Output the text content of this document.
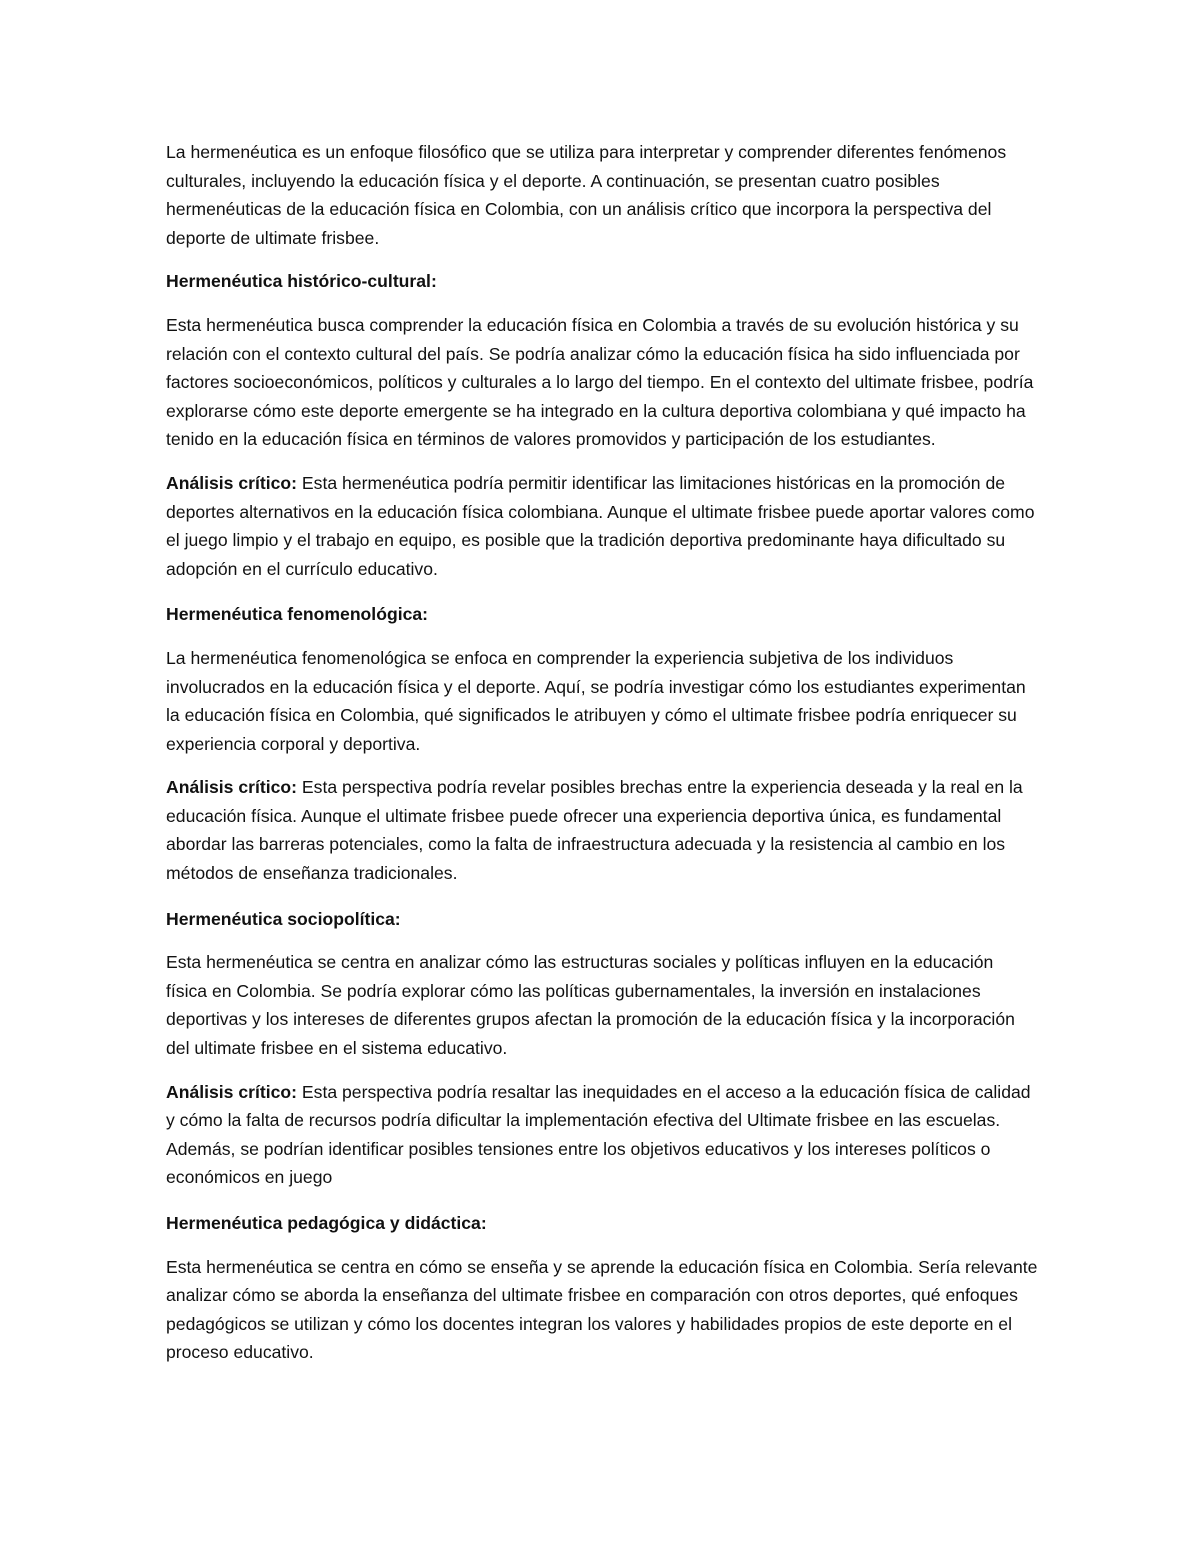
La hermenéutica es un enfoque filosófico que se utiliza para interpretar y comprender diferentes fenómenos culturales, incluyendo la educación física y el deporte. A continuación, se presentan cuatro posibles hermenéuticas de la educación física en Colombia, con un análisis crítico que incorpora la perspectiva del deporte de ultimate frisbee.

Hermenéutica histórico-cultural:

Esta hermenéutica busca comprender la educación física en Colombia a través de su evolución histórica y su relación con el contexto cultural del país. Se podría analizar cómo la educación física ha sido influenciada por factores socioeconómicos, políticos y culturales a lo largo del tiempo. En el contexto del ultimate frisbee, podría explorarse cómo este deporte emergente se ha integrado en la cultura deportiva colombiana y qué impacto ha tenido en la educación física en términos de valores promovidos y participación de los estudiantes.

Análisis crítico: Esta hermenéutica podría permitir identificar las limitaciones históricas en la promoción de deportes alternativos en la educación física colombiana. Aunque el ultimate frisbee puede aportar valores como el juego limpio y el trabajo en equipo, es posible que la tradición deportiva predominante haya dificultado su adopción en el currículo educativo.

Hermenéutica fenomenológica:

La hermenéutica fenomenológica se enfoca en comprender la experiencia subjetiva de los individuos involucrados en la educación física y el deporte. Aquí, se podría investigar cómo los estudiantes experimentan la educación física en Colombia, qué significados le atribuyen y cómo el ultimate frisbee podría enriquecer su experiencia corporal y deportiva.

Análisis crítico: Esta perspectiva podría revelar posibles brechas entre la experiencia deseada y la real en la educación física. Aunque el ultimate frisbee puede ofrecer una experiencia deportiva única, es fundamental abordar las barreras potenciales, como la falta de infraestructura adecuada y la resistencia al cambio en los métodos de enseñanza tradicionales.

Hermenéutica sociopolítica:

Esta hermenéutica se centra en analizar cómo las estructuras sociales y políticas influyen en la educación física en Colombia. Se podría explorar cómo las políticas gubernamentales, la inversión en instalaciones deportivas y los intereses de diferentes grupos afectan la promoción de la educación física y la incorporación del ultimate frisbee en el sistema educativo.

Análisis crítico: Esta perspectiva podría resaltar las inequidades en el acceso a la educación física de calidad y cómo la falta de recursos podría dificultar la implementación efectiva del Ultimate frisbee en las escuelas. Además, se podrían identificar posibles tensiones entre los objetivos educativos y los intereses políticos o económicos en juego

Hermenéutica pedagógica y didáctica:

Esta hermenéutica se centra en cómo se enseña y se aprende la educación física en Colombia. Sería relevante analizar cómo se aborda la enseñanza del ultimate frisbee en comparación con otros deportes, qué enfoques pedagógicos se utilizan y cómo los docentes integran los valores y habilidades propios de este deporte en el proceso educativo.
